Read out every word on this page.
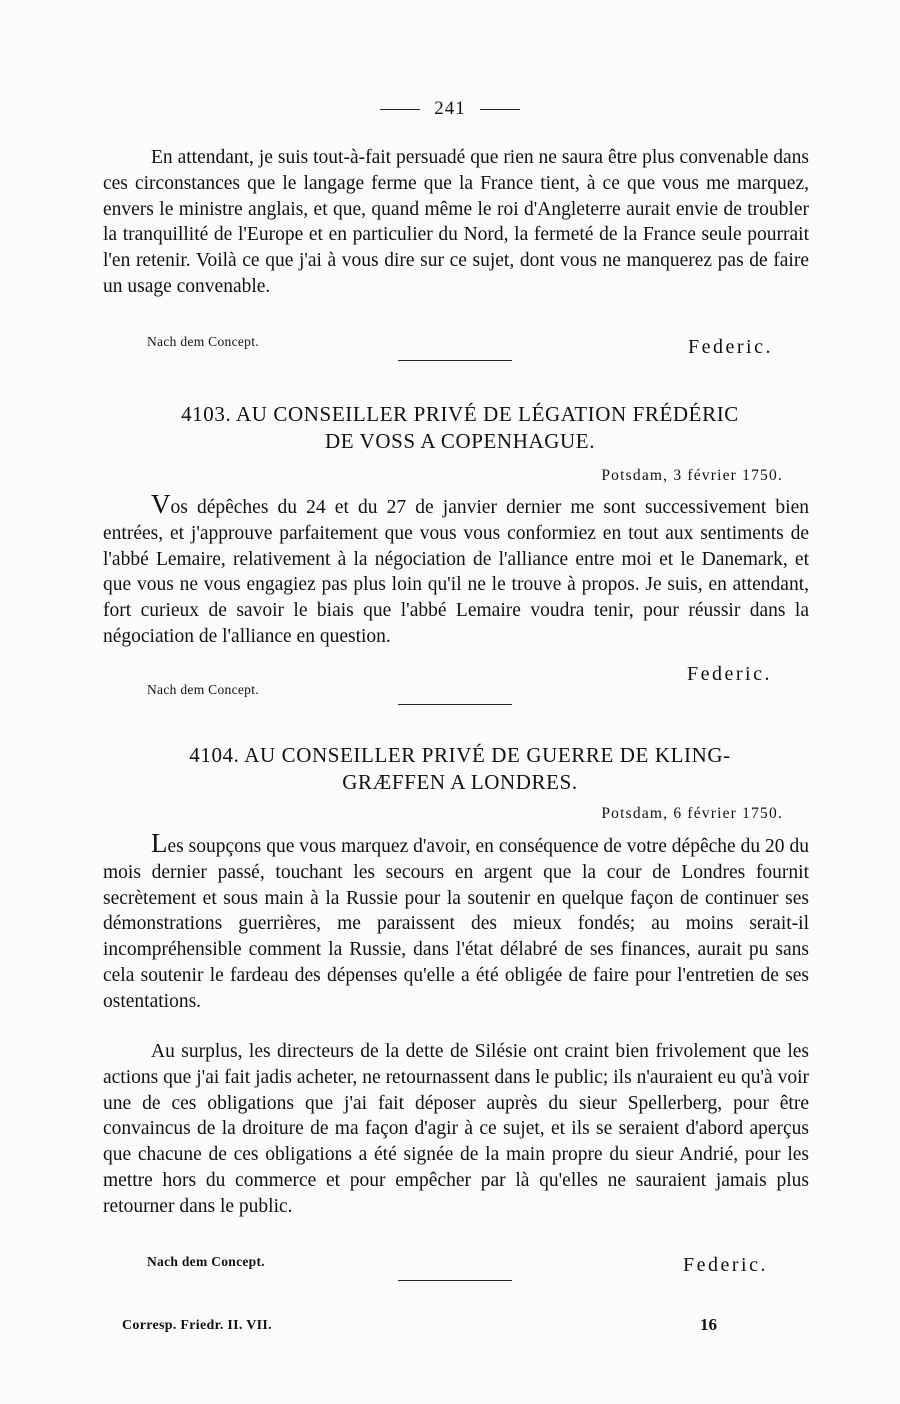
241
En attendant, je suis tout-à-fait persuadé que rien ne saura être plus convenable dans ces circonstances que le langage ferme que la France tient, à ce que vous me marquez, envers le ministre anglais, et que, quand même le roi d'Angleterre aurait envie de troubler la tranquillité de l'Europe et en particulier du Nord, la fermeté de la France seule pourrait l'en retenir. Voilà ce que j'ai à vous dire sur ce sujet, dont vous ne manquerez pas de faire un usage convenable.
Nach dem Concept.	Federic.
4103. AU CONSEILLER PRIVÉ DE LÉGATION FRÉDÉRIC
DE VOSS A COPENHAGUE.
Potsdam, 3 février 1750.
Vos dépêches du 24 et du 27 de janvier dernier me sont successivement bien entrées, et j'approuve parfaitement que vous vous conformiez en tout aux sentiments de l'abbé Lemaire, relativement à la négociation de l'alliance entre moi et le Danemark, et que vous ne vous engagiez pas plus loin qu'il ne le trouve à propos. Je suis, en attendant, fort curieux de savoir le biais que l'abbé Lemaire voudra tenir, pour réussir dans la négociation de l'alliance en question.
Federic.
Nach dem Concept.
4104. AU CONSEILLER PRIVÉ DE GUERRE DE KLING-
GRÆFFEN A LONDRES.
Potsdam, 6 février 1750.
Les soupçons que vous marquez d'avoir, en conséquence de votre dépêche du 20 du mois dernier passé, touchant les secours en argent que la cour de Londres fournit secrètement et sous main à la Russie pour la soutenir en quelque façon de continuer ses démonstrations guerrières, me paraissent des mieux fondés; au moins serait-il incompréhensible comment la Russie, dans l'état délabré de ses finances, aurait pu sans cela soutenir le fardeau des dépenses qu'elle a été obligée de faire pour l'entretien de ses ostentations.
Au surplus, les directeurs de la dette de Silésie ont craint bien frivolement que les actions que j'ai fait jadis acheter, ne retournassent dans le public; ils n'auraient eu qu'à voir une de ces obligations que j'ai fait déposer auprès du sieur Spellerberg, pour être convaincus de la droiture de ma façon d'agir à ce sujet, et ils se seraient d'abord aperçus que chacune de ces obligations a été signée de la main propre du sieur Andrié, pour les mettre hors du commerce et pour empêcher par là qu'elles ne sauraient jamais plus retourner dans le public.
Nach dem Concept.	Federic.
Corresp. Friedr. II. VII.	16
